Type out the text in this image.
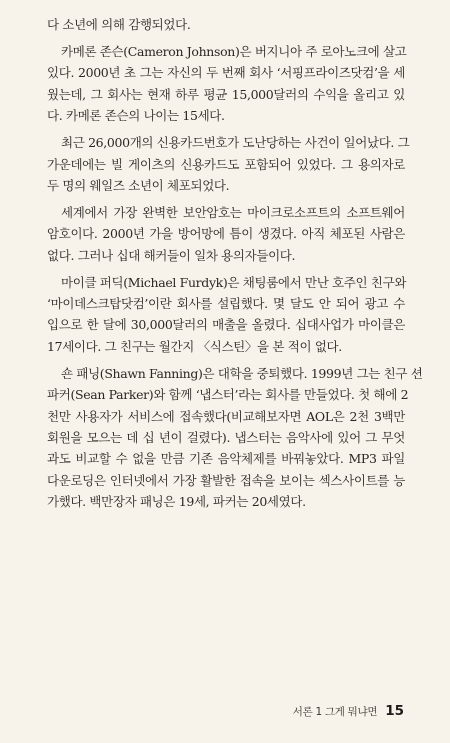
다 소년에 의해 감행되었다.
카메론 존슨(Cameron Johnson)은 버지니아 주 로아노크에 살고
있다. 2000년 초 그는 자신의 두 번째 회사 ‘서핑프라이즈닷컴’을 세
웠는데, 그 회사는 현재 하루 평균 15,000달러의 수익을 올리고 있
다. 카메론 존슨의 나이는 15세다.
최근 26,000개의 신용카드번호가 도난당하는 사건이 일어났다. 그
가운데에는 빌 게이츠의 신용카드도 포함되어 있었다. 그 용의자로
두 명의 웨일즈 소년이 체포되었다.
세계에서 가장 완벽한 보안암호는 마이크로소프트의 소프트웨어
암호이다. 2000년 가을 방어망에 틈이 생겼다. 아직 체포된 사람은
없다. 그러나 십대 해커들이 일차 용의자들이다.
마이클 퍼딕(Michael Furdyk)은 채팅룸에서 만난 호주인 친구와
‘마이데스크탑닷컴’이란 회사를 설립했다. 몇 달도 안 되어 광고 수
입으로 한 달에 30,000달러의 매출을 올렸다. 십대사업가 마이클은
17세이다. 그 친구는 월간지 〈식스틴〉을 본 적이 없다.
숀 패닝(Shawn Fanning)은 대학을 중퇴했다. 1999년 그는 친구 션
파커(Sean Parker)와 함께 ‘냅스터’라는 회사를 만들었다. 첫 해에 2
천만 사용자가 서비스에 접속했다(비교해보자면 AOL은 2천 3백만
회원을 모으는 데 십 년이 걸렸다). 냅스터는 음악사에 있어 그 무엇
과도 비교할 수 없을 만큼 기존 음악체제를 바꿔놓았다. MP3 파일
다운로딩은 인터넷에서 가장 활발한 접속을 보이는 섹스사이트를 능
가했다. 백만장자 패닝은 19세, 파커는 20세였다.
서론 1 그게 뭐냐면 15
